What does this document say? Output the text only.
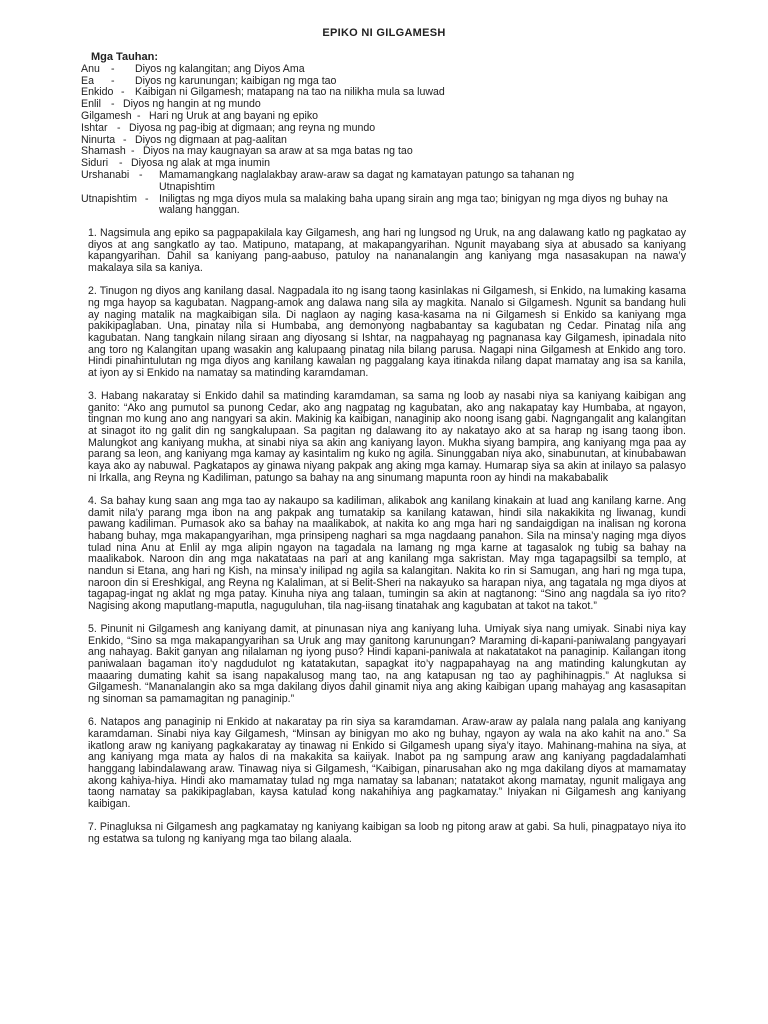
EPIKO NI GILGAMESH
Mga Tauhan:
Anu	-	Diyos ng kalangitan; ang Diyos Ama
Ea	-	Diyos ng karunungan; kaibigan ng mga tao
Enkido - Kaibigan ni Gilgamesh; matapang na tao na nilikha mula sa luwad
Enlil - Diyos ng hangin at ng mundo
Gilgamesh - Hari ng Uruk at ang bayani ng epiko
Ishtar - Diyosa ng pag-ibig at digmaan; ang reyna ng mundo
Ninurta - Diyos ng digmaan at pag-aalitan
Shamash - Diyos na may kaugnayan sa araw at sa mga batas ng tao
Siduri	- Diyosa ng alak at mga inumin
Urshanabi -	Mamamangkang naglalakbay araw-araw sa dagat ng kamatayan patungo sa tahanan ng Utnapishtim
Utnapishtim - Iniligtas ng mga diyos mula sa malaking baha upang sirain ang mga tao; binigyan ng mga diyos ng buhay na walang hanggan.

1. Nagsimula ang epiko sa pagpapakilala kay Gilgamesh, ang hari ng lungsod ng Uruk, na ang dalawang katlo ng pagkatao ay diyos at ang sangkatlo ay tao. Matipuno, matapang, at makapangyarihan. Ngunit mayabang siya at abusado sa kaniyang kapangyarihan. Dahil sa kaniyang pang-aabuso, patuloy na nananalangin ang kaniyang mga nasasakupan na nawa’y makalaya sila sa kaniya.

2. Tinugon ng diyos ang kanilang dasal. Nagpadala ito ng isang taong kasinlakas ni Gilgamesh, si Enkido, na lumaking kasama ng mga hayop sa kagubatan. Nagpang-amok ang dalawa nang sila ay magkita. Nanalo si Gilgamesh. Ngunit sa bandang huli ay naging matalik na magkaibigan sila. Di naglaon ay naging kasa-kasama na ni Gilgamesh si Enkido sa kaniyang mga pakikipaglaban. Una, pinatay nila si Humbaba, ang demonyong nagbabantay sa kagubatan ng Cedar. Pinatag nila ang kagubatan. Nang tangkain nilang siraan ang diyosang si Ishtar, na nagpahayag ng pagnanasa kay Gilgamesh, ipinadala nito ang toro ng Kalangitan upang wasakin ang kalupaang pinatag nila bilang parusa. Nagapi nina Gilgamesh at Enkido ang toro. Hindi pinahintulutan ng mga diyos ang kanilang kawalan ng paggalang kaya itinakda nilang dapat mamatay ang isa sa kanila, at iyon ay si Enkido na namatay sa matinding karamdaman.

3. Habang nakaratay si Enkido dahil sa matinding karamdaman, sa sama ng loob ay nasabi niya sa kaniyang kaibigan ang ganito: “Ako ang pumutol sa punong Cedar, ako ang nagpatag ng kagubatan, ako ang nakapatay kay Humbaba, at ngayon, tingnan mo kung ano ang nangyari sa akin. Makinig ka kaibigan, nanaginip ako noong isang gabi. Nagngangalit ang kalangitan at sinagot ito ng galit din ng sangkalupaan. Sa pagitan ng dalawang ito ay nakatayo ako at sa harap ng isang taong ibon. Malungkot ang kaniyang mukha, at sinabi niya sa akin ang kaniyang layon. Mukha siyang bampira, ang kaniyang mga paa ay parang sa leon, ang kaniyang mga kamay ay kasintalim ng kuko ng agila. Sinunggaban niya ako, sinabunutan, at kinubabawan kaya ako ay nabuwal. Pagkatapos ay ginawa niyang pakpak ang aking mga kamay. Humarap siya sa akin at inilayo sa palasyo ni Irkalla, ang Reyna ng Kadiliman, patungo sa bahay na ang sinumang mapunta roon ay hindi na makababalik

4. Sa bahay kung saan ang mga tao ay nakaupo sa kadiliman, alikabok ang kanilang kinakain at luad ang kanilang karne. Ang damit nila’y parang mga ibon na ang pakpak ang tumatakip sa kanilang katawan, hindi sila nakakikita ng liwanag, kundi pawang kadiliman. Pumasok ako sa bahay na maalikabok, at nakita ko ang mga hari ng sandaigdigan na inalisan ng korona habang buhay, mga makapangyarihan, mga prinsipeng naghari sa mga nagdaang panahon. Sila na minsa’y naging mga diyos tulad nina Anu at Enlil ay mga alipin ngayon na tagadala na lamang ng mga karne at tagasalok ng tubig sa bahay na maalikabok. Naroon din ang mga nakatataas na pari at ang kanilang mga sakristan. May mga tagapagsilbi sa templo, at nandun si Etana, ang hari ng Kish, na minsa’y inilipad ng agila sa kalangitan. Nakita ko rin si Samugan, ang hari ng mga tupa, naroon din si Ereshkigal, ang Reyna ng Kalaliman, at si Belit-Sheri na nakayuko sa harapan niya, ang tagatala ng mga diyos at tagapag-ingat ng aklat ng mga patay. Kinuha niya ang talaan, tumingin sa akin at nagtanong: “Sino ang nagdala sa iyo rito? Nagising akong maputlang-maputla, naguguluhan, tila nag-iisang tinatahak ang kagubatan at takot na takot.”

5. Pinunit ni Gilgamesh ang kaniyang damit, at pinunasan niya ang kaniyang luha. Umiyak siya nang umiyak. Sinabi niya kay Enkido, “Sino sa mga makapangyarihan sa Uruk ang may ganitong karunungan? Maraming di-kapani-paniwalang pangyayari ang nahayag. Bakit ganyan ang nilalaman ng iyong puso? Hindi kapani-paniwala at nakatatakot na panaginip. Kailangan itong paniwalaan bagaman ito’y nagdudulot ng katatakutan, sapagkat ito’y nagpapahayag na ang matinding kalungkutan ay maaaring dumating kahit sa isang napakalusog mang tao, na ang katapusan ng tao ay paghihinagpis.” At nagluksa si Gilgamesh. “Mananalangin ako sa mga dakilang diyos dahil ginamit niya ang aking kaibigan upang mahayag ang kasasapitan ng sinoman sa pamamagitan ng panaginip.”

6. Natapos ang panaginip ni Enkido at nakaratay pa rin siya sa karamdaman. Araw-araw ay palala nang palala ang kaniyang karamdaman. Sinabi niya kay Gilgamesh, “Minsan ay binigyan mo ako ng buhay, ngayon ay wala na ako kahit na ano.” Sa ikatlong araw ng kaniyang pagkakaratay ay tinawag ni Enkido si Gilgamesh upang siya’y itayo. Mahinang-mahina na siya, at ang kaniyang mga mata ay halos di na makakita sa kaiiyak. Inabot pa ng sampung araw ang kaniyang pagdadalamhati hanggang labindalawang araw. Tinawag niya si Gilgamesh, “Kaibigan, pinarusahan ako ng mga dakilang diyos at mamamatay akong kahiya-hiya. Hindi ako mamamatay tulad ng mga namatay sa labanan; natatakot akong mamatay, ngunit maligaya ang taong namatay sa pakikipaglaban, kaysa katulad kong nakahihiya ang pagkamatay.” Iniyakan ni Gilgamesh ang kaniyang kaibigan.

7. Pinagluksa ni Gilgamesh ang pagkamatay ng kaniyang kaibigan sa loob ng pitong araw at gabi. Sa huli, pinagpatayo niya ito ng estatwa sa tulong ng kaniyang mga tao bilang alaala.
